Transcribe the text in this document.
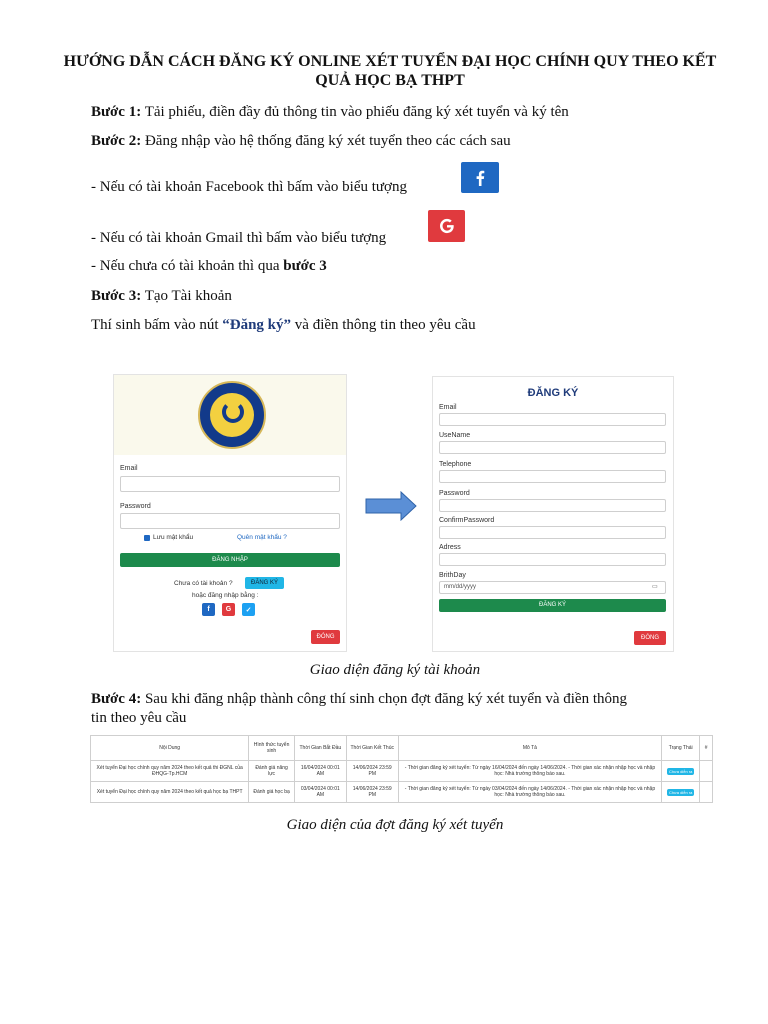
HƯỚNG DẪN CÁCH ĐĂNG KÝ ONLINE XÉT TUYỂN ĐẠI HỌC CHÍNH QUY THEO KẾT QUẢ HỌC BẠ THPT
Bước 1: Tải phiếu, điền đầy đủ thông tin vào phiếu đăng ký xét tuyển và ký tên
Bước 2: Đăng nhập vào hệ thống đăng ký xét tuyển theo các cách sau
- Nếu có tài khoản Facebook thì bấm vào biểu tượng
- Nếu có tài khoản Gmail thì bấm vào biểu tượng
- Nếu chưa có tài khoản thì qua bước 3
Bước 3: Tạo Tài khoản
Thí sinh bấm vào nút “Đăng ký” và điền thông tin theo yêu cầu
Email
Password
Lưu mật khẩu	Quên mật khẩu ?
ĐĂNG NHẬP
Chưa có tài khoản ?	ĐĂNG KÝ
hoặc đăng nhập bằng :
f	G	✓
ĐÓNG
ĐĂNG KÝ
Email
UseName
Telephone
Password
ConfirmPassword
Adress
BrithDay
mm/dd/yyyy	▭
ĐĂNG KÝ
ĐÓNG
Giao diện đăng ký tài khoản
Bước 4: Sau khi đăng nhập thành công thí sinh chọn đợt đăng ký xét tuyển và điền thông
tin theo yêu cầu
Nội Dung	Hình thức tuyển sinh	Thời Gian Bắt Đầu	Thời Gian Kết Thúc	Mô Tả	Trạng Thái	#
Xét tuyển Đại học chính quy năm 2024 theo kết quả thi ĐGNL của ĐHQG-Tp.HCM	Đánh giá năng lực	16/04/2024 00:01 AM	14/06/2024 23:59 PM	- Thời gian đăng ký xét tuyển: Từ ngày 16/04/2024 đến ngày 14/06/2024. - Thời gian xác nhận nhập học và nhập học: Nhà trường thông báo sau.	Chưa diễn ra	
Xét tuyển Đại học chính quy năm 2024 theo kết quả học bạ THPT	Đánh giá học bạ	03/04/2024 00:01 AM	14/06/2024 23:59 PM	- Thời gian đăng ký xét tuyển: Từ ngày 03/04/2024 đến ngày 14/06/2024. - Thời gian xác nhận nhập học và nhập học: Nhà trường thông báo sau.	Chưa diễn ra	
Giao diện của đợt đăng ký xét tuyển
